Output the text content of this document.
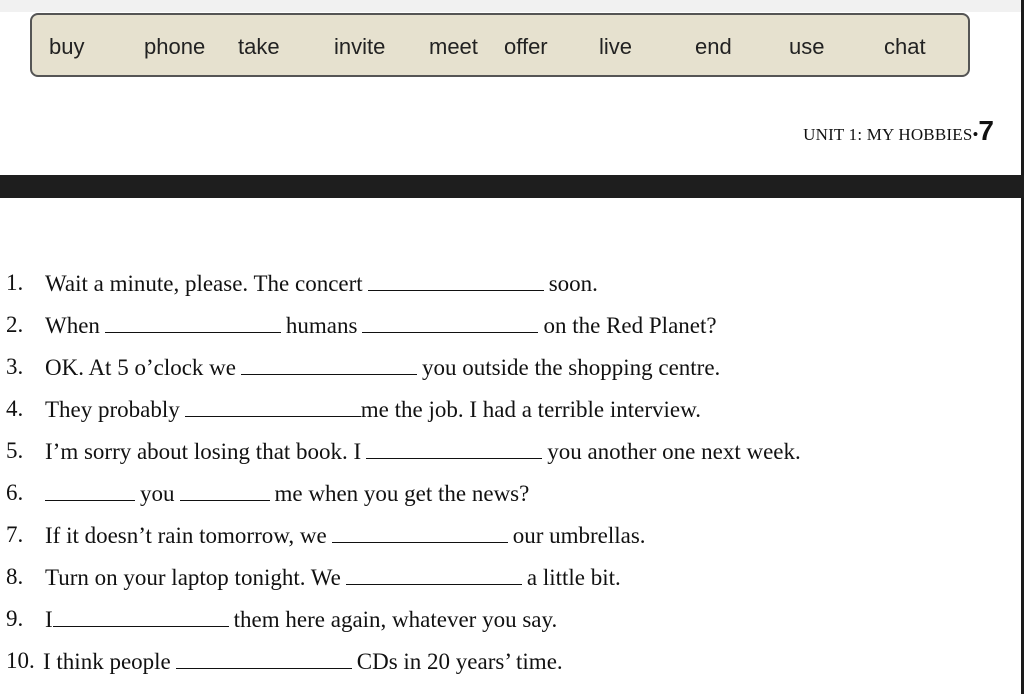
buy	phone take invite meet offer live	end	use	chat
UNIT 1: MY HOBBIES•7
1. Wait a minute, please. The concert	soon.
2. When	humans	on the Red Planet?
3. OK. At 5 o’clock we	you outside the shopping centre.
4. They probably	me the job. I had a terrible interview.
5. I’m sorry about losing that book. I	you another one next week.
6.	you	me when you get the news?
7. If it doesn’t rain tomorrow, we	our umbrellas.
8. Turn on your laptop tonight. We	a little bit.
9. I	them here again, whatever you say.
10. I think people	CDs in 20 years’ time.
